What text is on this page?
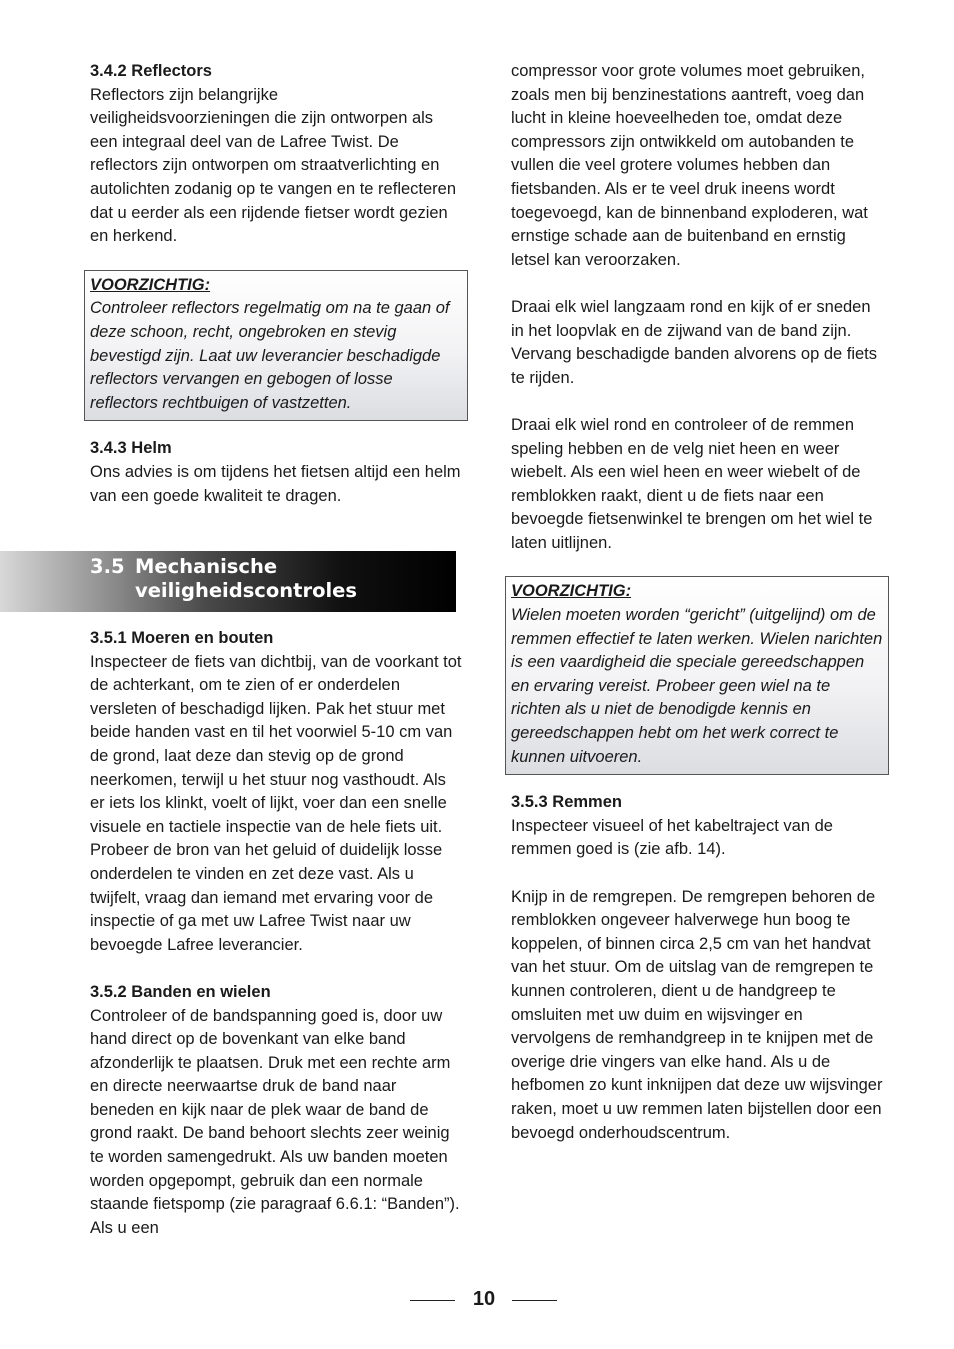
3.4.2 Reflectors

Reflectors zijn belangrijke veiligheidsvoorzieningen die zijn ontworpen als een integraal deel van de Lafree Twist. De reflectors zijn ontworpen om straatverlichting en autolichten zodanig op te vangen en te reflecteren dat u eerder als een rijdende fietser wordt gezien en herkend.

VOORZICHTIG:

Controleer reflectors regelmatig om na te gaan of deze schoon, recht, ongebroken en stevig bevestigd zijn. Laat uw leverancier beschadigde reflectors vervangen en gebogen of losse reflectors rechtbuigen of vastzetten.

3.4.3 Helm

Ons advies is om tijdens het fietsen altijd een helm van een goede kwaliteit te dragen.

3.5 Mechanische
veiligheidscontroles

3.5.1 Moeren en bouten

Inspecteer de fiets van dichtbij, van de voorkant tot de achterkant, om te zien of er onderdelen versleten of beschadigd lijken. Pak het stuur met beide handen vast en til het voorwiel 5-10 cm van de grond, laat deze dan stevig op de grond neerkomen, terwijl u het stuur nog vasthoudt. Als er iets los klinkt, voelt of lijkt, voer dan een snelle visuele en tactiele inspectie van de hele fiets uit. Probeer de bron van het geluid of duidelijk losse onderdelen te vinden en zet deze vast. Als u twijfelt, vraag dan iemand met ervaring voor de inspectie of ga met uw Lafree Twist naar uw bevoegde Lafree leverancier.

3.5.2 Banden en wielen

Controleer of de bandspanning goed is, door uw hand direct op de bovenkant van elke band afzonderlijk te plaatsen. Druk met een rechte arm en directe neerwaartse druk de band naar beneden en kijk naar de plek waar de band de grond raakt. De band behoort slechts zeer weinig te worden samengedrukt. Als uw banden moeten worden opgepompt, gebruik dan een normale staande fietspomp (zie paragraaf 6.6.1: “Banden”). Als u een

compressor voor grote volumes moet gebruiken, zoals men bij benzinestations aantreft, voeg dan lucht in kleine hoeveelheden toe, omdat deze compressors zijn ontwikkeld om autobanden te vullen die veel grotere volumes hebben dan fietsbanden. Als er te veel druk ineens wordt toegevoegd, kan de binnenband exploderen, wat ernstige schade aan de buitenband en ernstig letsel kan veroorzaken.

Draai elk wiel langzaam rond en kijk of er sneden in het loopvlak en de zijwand van de band zijn. Vervang beschadigde banden alvorens op de fiets te rijden.

Draai elk wiel rond en controleer of de remmen speling hebben en de velg niet heen en weer wiebelt. Als een wiel heen en weer wiebelt of de remblokken raakt, dient u de fiets naar een bevoegde fietsenwinkel te brengen om het wiel te laten uitlijnen.

VOORZICHTIG:

Wielen moeten worden “gericht” (uitgelijnd) om de remmen effectief te laten werken. Wielen narichten is een vaardigheid die speciale gereedschappen en ervaring vereist. Probeer geen wiel na te richten als u niet de benodigde kennis en gereedschappen hebt om het werk correct te kunnen uitvoeren.

3.5.3 Remmen

Inspecteer visueel of het kabeltraject van de remmen goed is (zie afb. 14).

Knijp in de remgrepen. De remgrepen behoren de remblokken ongeveer halverwege hun boog te koppelen, of binnen circa 2,5 cm van het handvat van het stuur. Om de uitslag van de remgrepen te kunnen controleren, dient u de handgreep te omsluiten met uw duim en wijsvinger en vervolgens de remhandgreep in te knijpen met de overige drie vingers van elke hand. Als u de hefbomen zo kunt inknijpen dat deze uw wijsvinger raken, moet u uw remmen laten bijstellen door een bevoegd onderhoudscentrum.

10
